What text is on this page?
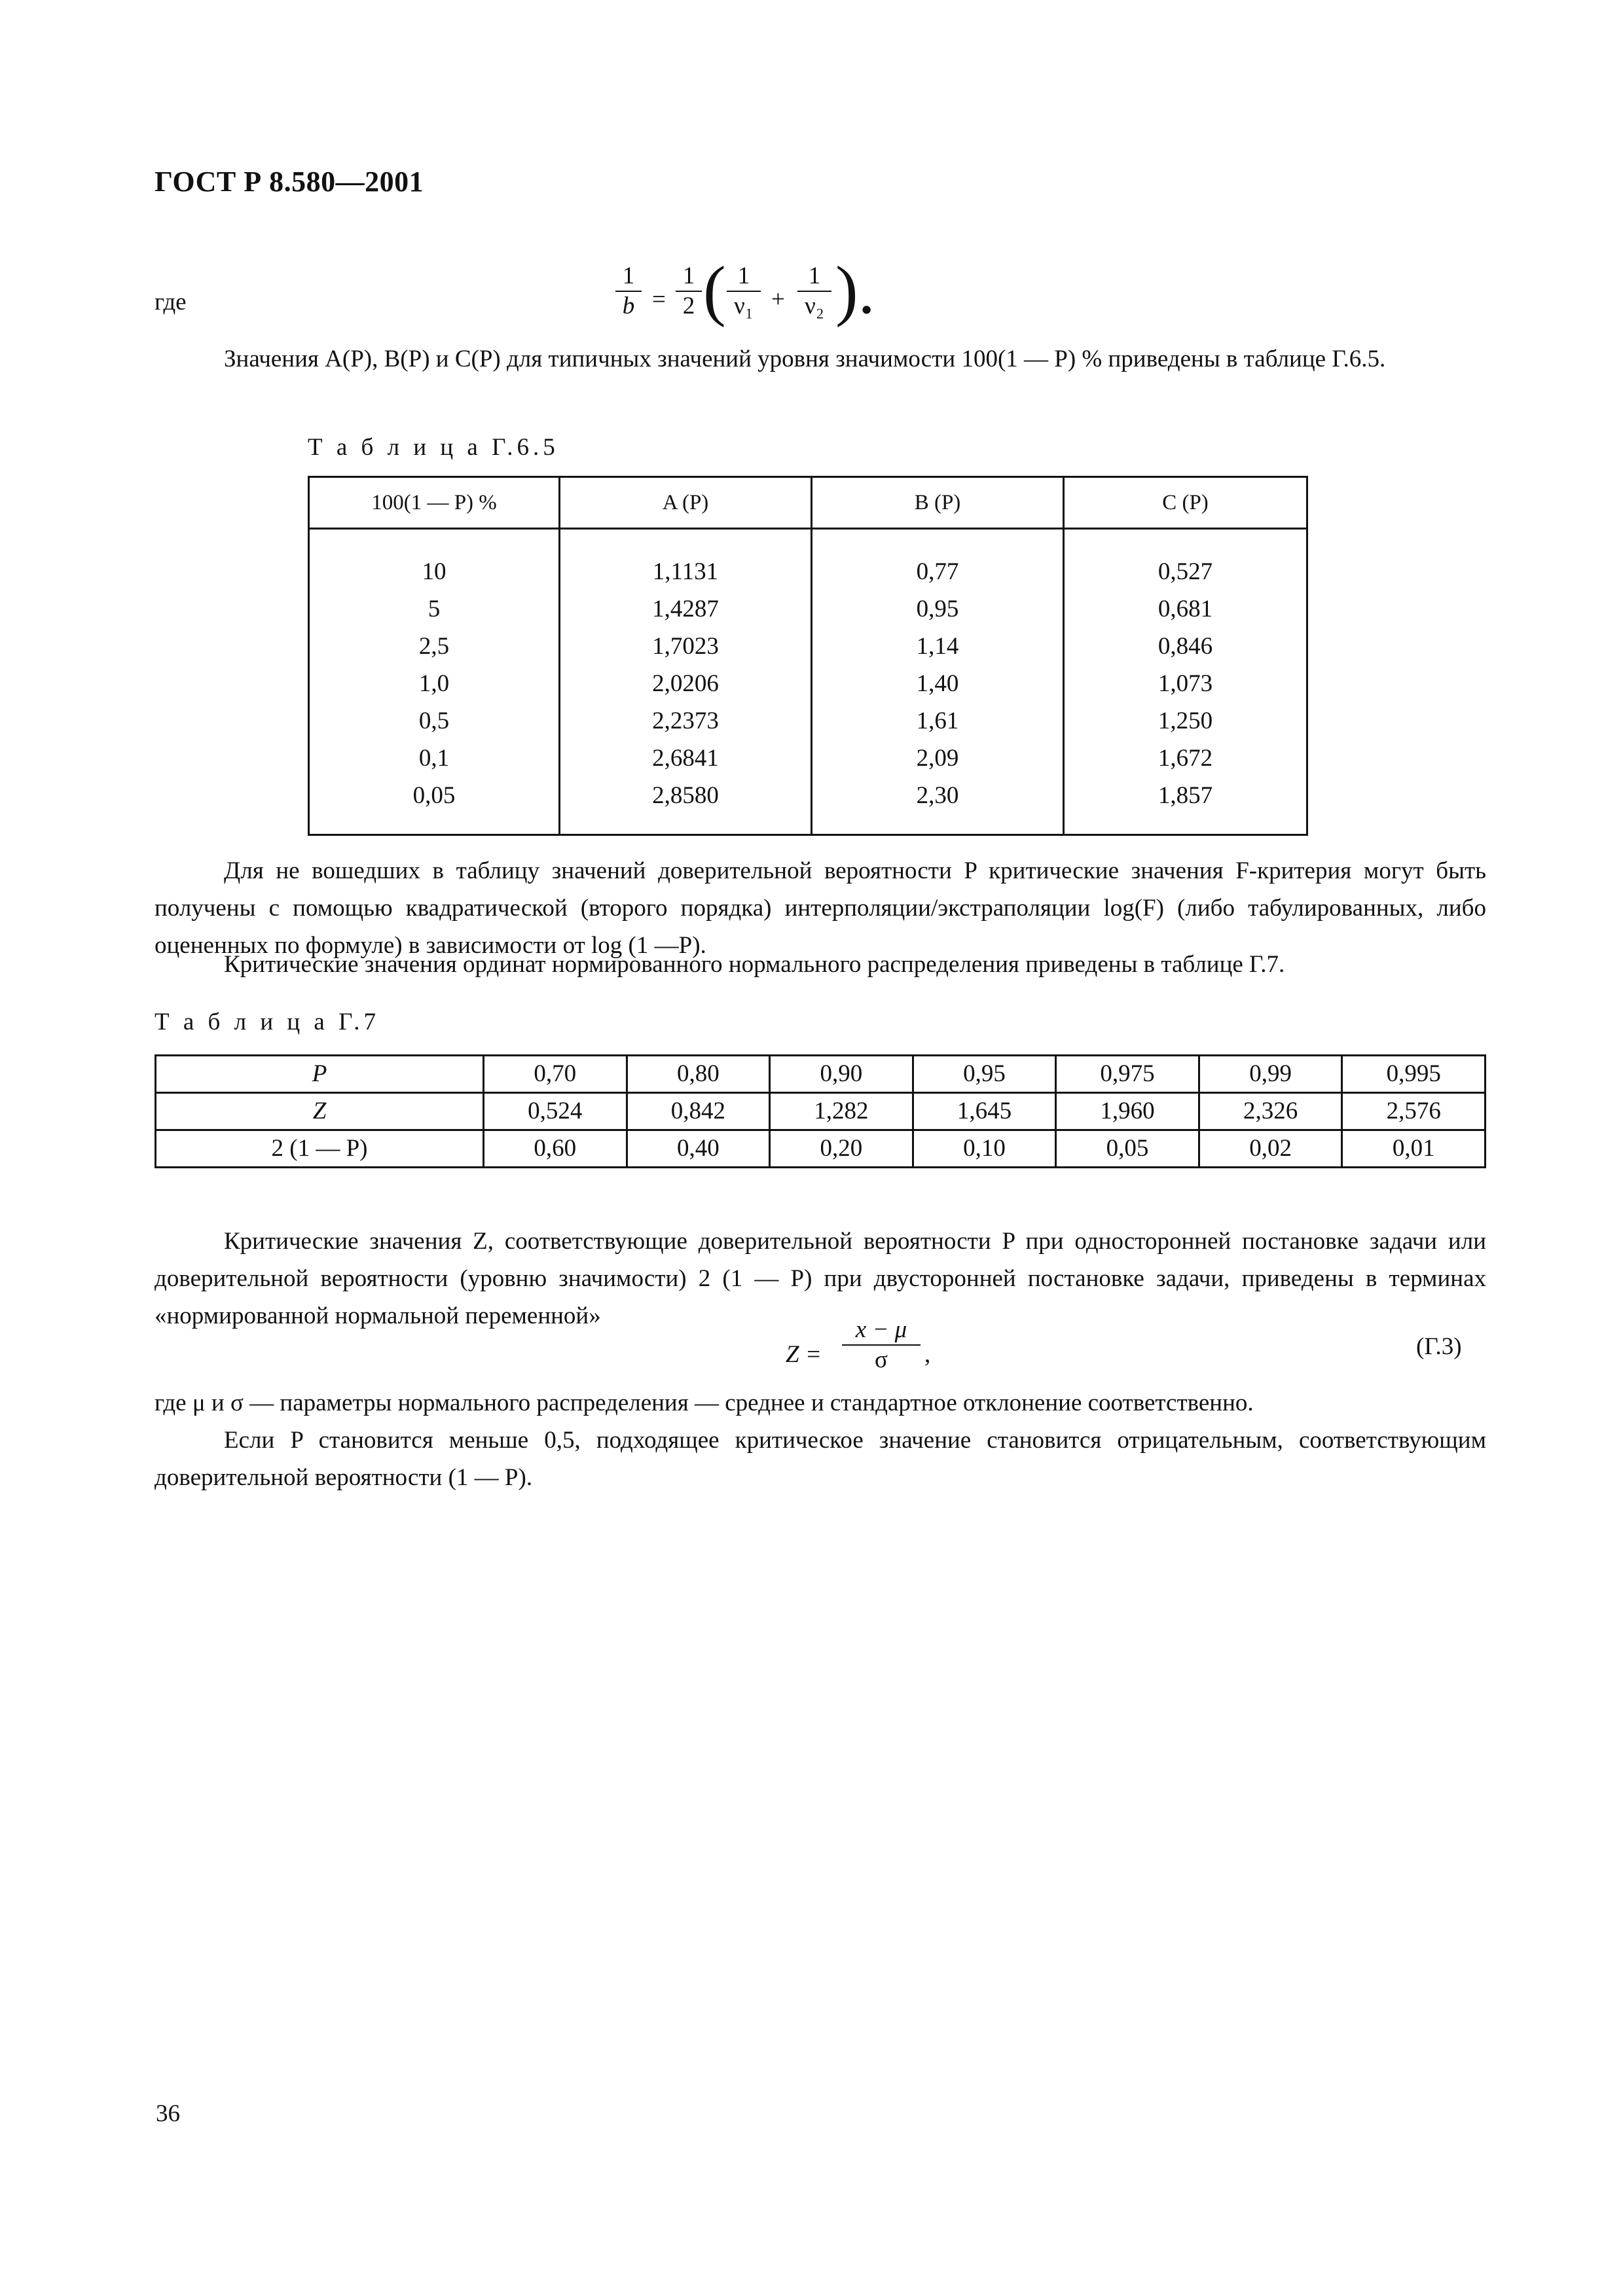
ГОСТ Р 8.580—2001
где
1
b =
1
2 ( 1
ν₁ +
1
ν₂ ).
Значения A(P), B(P) и C(P) для типичных значений уровня значимости 100(1 — P) % приведены в таблице Г.6.5.
Т а б л и ц а Г.6.5
100(1 — P) %	A (P)	B (P)	C (P)

10	1,1131	0,77	0,527
5	1,4287	0,95	0,681
2,5	1,7023	1,14	0,846
1,0	2,0206	1,40	1,073
0,5	2,2373	1,61	1,250
0,1	2,6841	2,09	1,672
0,05	2,8580	2,30	1,857
Для не вошедших в таблицу значений доверительной вероятности P критические значения F-критерия могут быть получены с помощью квадратической (второго порядка) интерполяции/экстраполяции log(F) (либо табулированных, либо оцененных по формуле) в зависимости от log (1 —P).
Критические значения ординат нормированного нормального распределения приведены в таблице Г.7.
Т а б л и ц а Г.7
P	0,70	0,80	0,90	0,95	0,975	0,99	0,995
Z	0,524	0,842	1,282	1,645	1,960	2,326	2,576
2 (1 — P)	0,60	0,40	0,20	0,10	0,05	0,02	0,01
Критические значения Z, соответствующие доверительной вероятности P при односторонней постановке задачи или доверительной вероятности (уровню значимости) 2 (1 — P) при двусторонней постановке задачи, приведены в терминах «нормированной нормальной переменной»
Z =
x − μ
σ	,	(Г.3)
где μ и σ — параметры нормального распределения — среднее и стандартное отклонение соответственно.
Если P становится меньше 0,5, подходящее критическое значение становится отрицательным, соответствующим доверительной вероятности (1 — P).
36
